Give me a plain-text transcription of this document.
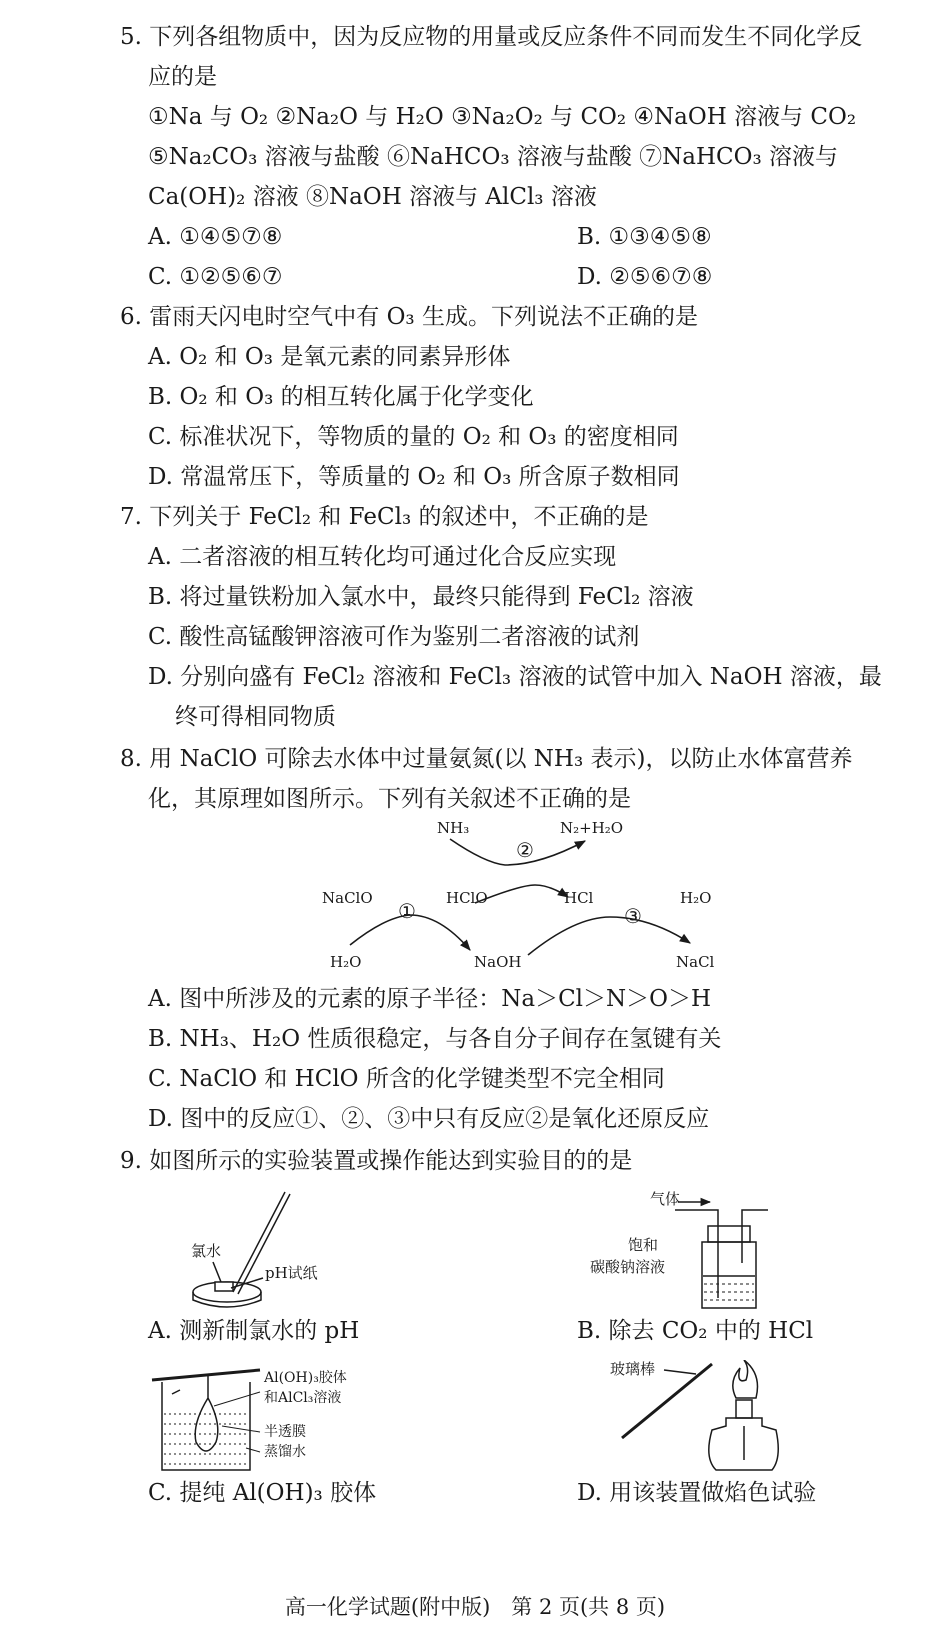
5. 下列各组物质中，因为反应物的用量或反应条件不同而发生不同化学反
应的是
①Na 与 O₂ ②Na₂O 与 H₂O ③Na₂O₂ 与 CO₂ ④NaOH 溶液与 CO₂
⑤Na₂CO₃ 溶液与盐酸 ⑥NaHCO₃ 溶液与盐酸 ⑦NaHCO₃ 溶液与
Ca(OH)₂ 溶液 ⑧NaOH 溶液与 AlCl₃ 溶液
A. ①④⑤⑦⑧	B. ①③④⑤⑧
C. ①②⑤⑥⑦	D. ②⑤⑥⑦⑧
6. 雷雨天闪电时空气中有 O₃ 生成。下列说法不正确的是
A. O₂ 和 O₃ 是氧元素的同素异形体
B. O₂ 和 O₃ 的相互转化属于化学变化
C. 标准状况下，等物质的量的 O₂ 和 O₃ 的密度相同
D. 常温常压下，等质量的 O₂ 和 O₃ 所含原子数相同
7. 下列关于 FeCl₂ 和 FeCl₃ 的叙述中，不正确的是
A. 二者溶液的相互转化均可通过化合反应实现
B. 将过量铁粉加入氯水中，最终只能得到 FeCl₂ 溶液
C. 酸性高锰酸钾溶液可作为鉴别二者溶液的试剂
D. 分别向盛有 FeCl₂ 溶液和 FeCl₃ 溶液的试管中加入 NaOH 溶液，最
终可得相同物质
8. 用 NaClO 可除去水体中过量氨氮(以 NH₃ 表示)，以防止水体富营养
化，其原理如图所示。下列有关叙述不正确的是
NH₃	N₂+H₂O
NaClO	HClO	HCl	H₂O
H₂O	NaOH	NaCl
①
②
③
A. 图中所涉及的元素的原子半径：Na＞Cl＞N＞O＞H
B. NH₃、H₂O 性质很稳定，与各自分子间存在氢键有关
C. NaClO 和 HClO 所含的化学键类型不完全相同
D. 图中的反应①、②、③中只有反应②是氧化还原反应
9. 如图所示的实验装置或操作能达到实验目的的是
氯水
pH试纸
A. 测新制氯水的 pH
气体
饱和
碳酸钠溶液
B. 除去 CO₂ 中的 HCl
Al(OH)₃胶体
和AlCl₃溶液
半透膜
蒸馏水
C. 提纯 Al(OH)₃ 胶体
玻璃棒
D. 用该装置做焰色试验
高一化学试题(附中版)　第 2 页(共 8 页)
